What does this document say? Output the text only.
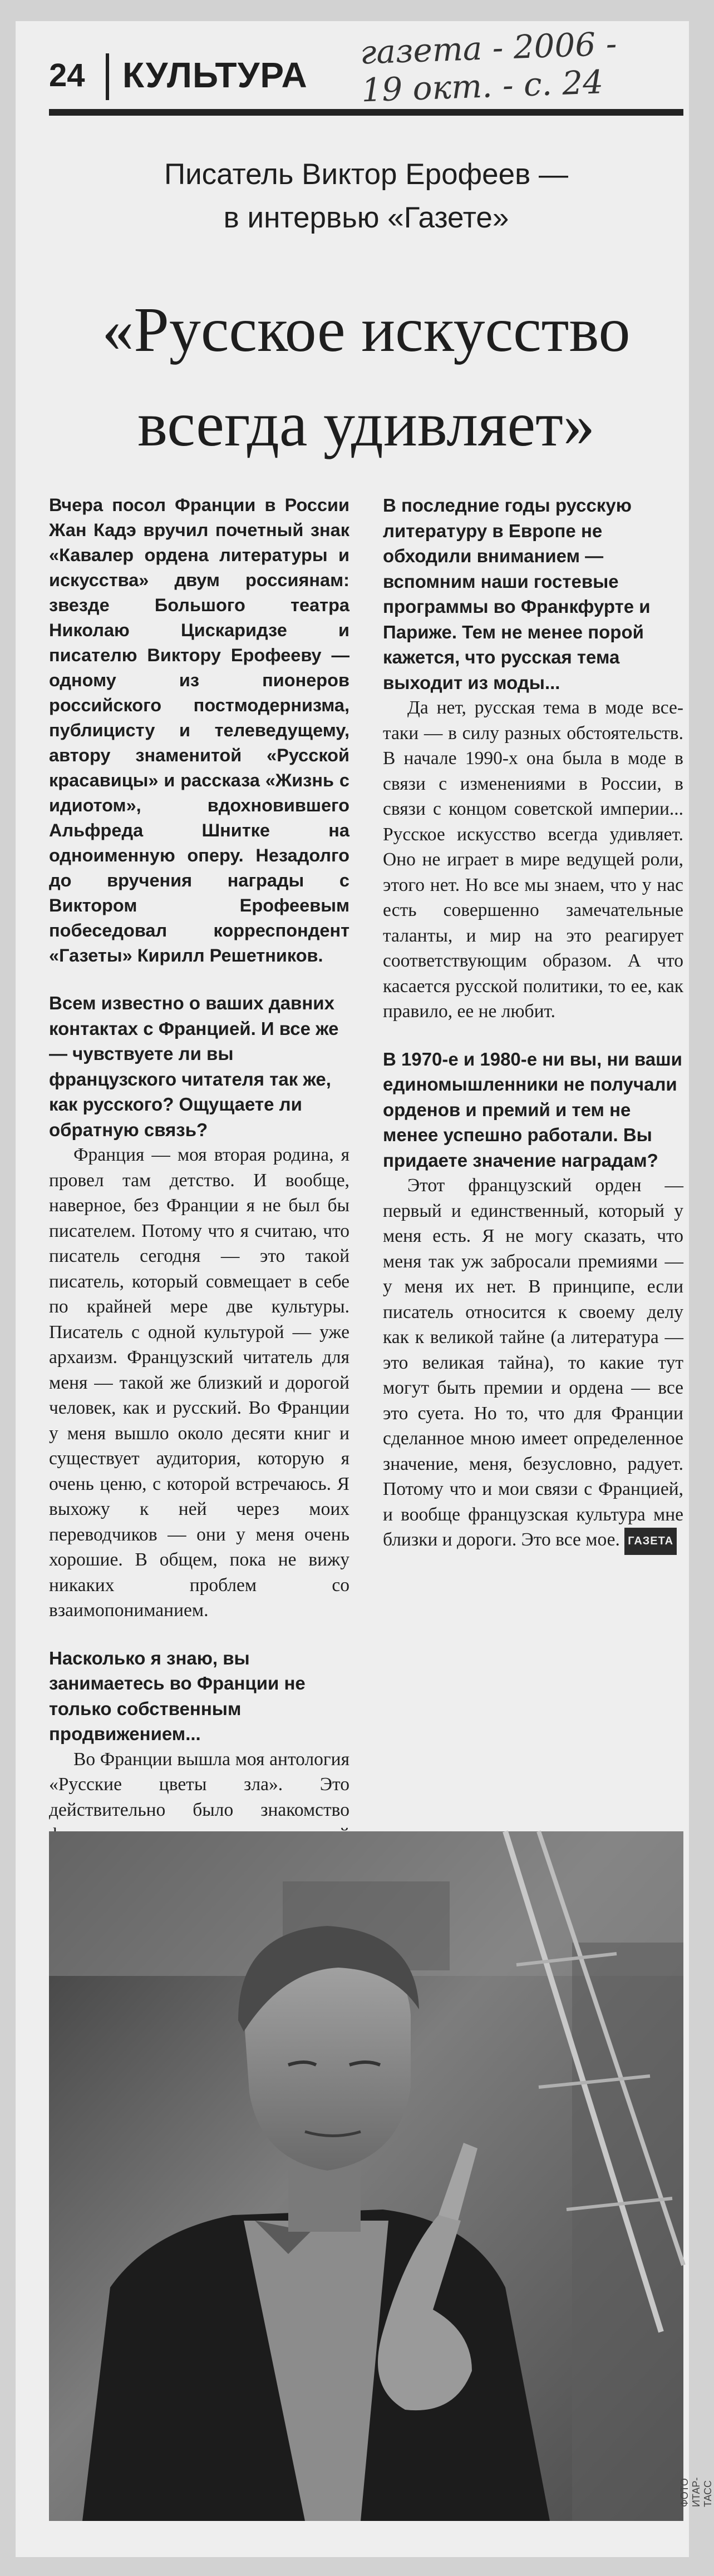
24 КУЛЬТУРА
газета - 2006 -
19 окт. - с. 24
Писатель Виктор Ерофеев —
в интервью «Газете»
«Русское искусство
всегда удивляет»

Вчера посол Франции в России Жан Кадэ вручил почетный знак «Кавалер ордена литературы и искусства» двум россиянам: звезде Большого театра Николаю Цискаридзе и писателю Виктору Ерофееву — одному из пионеров российского постмодернизма, публицисту и телеведущему, автору знаменитой «Русской красавицы» и рассказа «Жизнь с идиотом», вдохновившего Альфреда Шнитке на одноименную оперу. Незадолго до вручения награды с Виктором Ерофеевым побеседовал корреспондент «Газеты» Кирилл Решетников.

Всем известно о ваших давних контактах с Францией. И все же — чувствуете ли вы французского читателя так же, как русского? Ощущаете ли обратную связь?

Франция — моя вторая родина, я провел там детство. И вообще, наверное, без Франции я не был бы писателем. Потому что я считаю, что писатель сегодня — это такой писатель, который совмещает в себе по крайней мере две культуры. Писатель с одной культурой — уже архаизм. Французский читатель для меня — такой же близкий и дорогой человек, как и русский. Во Франции у меня вышло около десяти книг и существует аудитория, которую я очень ценю, с которой встречаюсь. Я выхожу к ней через моих переводчиков — они у меня очень хорошие. В общем, пока не вижу никаких проблем со взаимопониманием.

Насколько я знаю, вы занимаетесь во Франции не только собственным продвижением...

Во Франции вышла моя антология «Русские цветы зла». Это действительно было знакомство

В последние годы русскую литературу в Европе не обходили вниманием — вспомним наши гостевые программы во Франкфурте и Париже. Тем не менее порой кажется, что русская тема выходит из моды...

Да нет, русская тема в моде все-таки — в силу разных обстоятельств. В начале 1990-х она была в моде в связи с изменениями в России, в связи с концом советской империи... Русское искусство всегда удивляет. Оно не играет в мире ведущей роли, этого нет. Но все мы знаем, что у нас есть совершенно замечательные таланты, и мир на это реагирует соответствующим образом. А что касается русской политики, то ее, как правило, ее не любит.

В 1970-е и 1980-е ни вы, ни ваши единомышленники не получали орденов и премий и тем не менее успешно работали. Вы придаете значение наградам?

Этот французский орден — первый и единственный, который у меня есть. Я не могу сказать, что меня так уж забросали премиями — у меня их нет. В принципе, если писатель относится к своему делу как к великой тайне (а литература — это великая тайна), то какие тут могут быть премии и ордена — все это суета. Но то, что для Франции сделанное мною имеет определенное значение, меня, безусловно, радует. Потому что и мои связи с Францией, и вообще французская культура мне близки и дороги. Это все мое. ГАЗЕТА

ФОТО ИТАР-ТАСС
